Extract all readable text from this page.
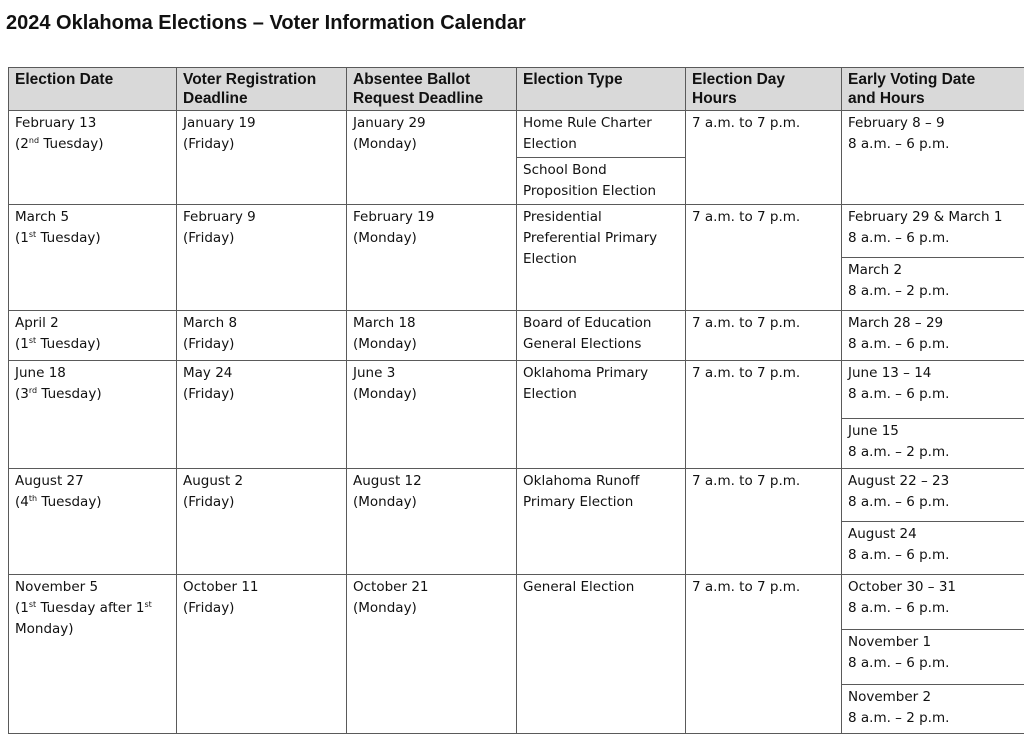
2024 Oklahoma Elections – Voter Information Calendar
Election Date	Voter Registration
Deadline	Absentee Ballot
Request Deadline	Election Type	Election Day
Hours	Early Voting Date
and Hours

February 13
(2nd Tuesday)	January 19
(Friday)	January 29
(Monday)	Home Rule Charter
Election	7 a.m. to 7 p.m.	February 8 – 9
8 a.m. – 6 p.m.

			School Bond
Proposition Election		

March 5
(1st Tuesday)	February 9
(Friday)	February 19
(Monday)	Presidential
Preferential Primary
Election	7 a.m. to 7 p.m.	February 29 & March 1
8 a.m. – 6 p.m.

					March 2
8 a.m. – 2 p.m.

April 2
(1st Tuesday)	March 8
(Friday)	March 18
(Monday)	Board of Education
General Elections	7 a.m. to 7 p.m.	March 28 – 29
8 a.m. – 6 p.m.

June 18
(3rd Tuesday)	May 24
(Friday)	June 3
(Monday)	Oklahoma Primary
Election	7 a.m. to 7 p.m.	June 13 – 14
8 a.m. – 6 p.m.

					June 15
8 a.m. – 2 p.m.

August 27
(4th Tuesday)	August 2
(Friday)	August 12
(Monday)	Oklahoma Runoff
Primary Election	7 a.m. to 7 p.m.	August 22 – 23
8 a.m. – 6 p.m.

					August 24
8 a.m. – 6 p.m.

November 5
(1st Tuesday after 1st
Monday)	October 11
(Friday)	October 21
(Monday)	General Election	7 a.m. to 7 p.m.	October 30 – 31
8 a.m. – 6 p.m.

					November 1
8 a.m. – 6 p.m.

					November 2
8 a.m. – 2 p.m.
